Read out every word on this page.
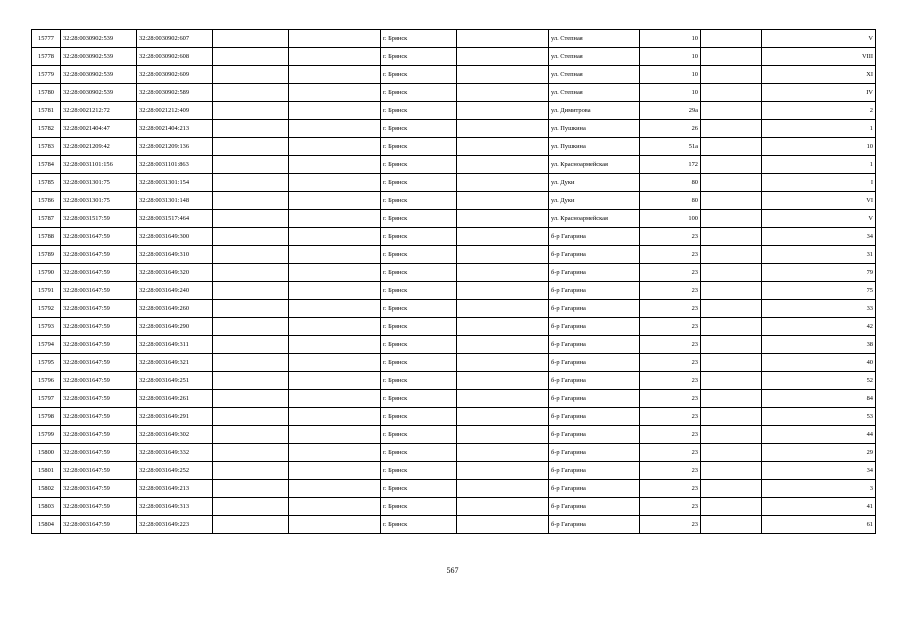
15777	32:28:0030902:539	32:28:0030902:607			г. Брянск		ул. Степная	10		V
15778	32:28:0030902:539	32:28:0030902:608			г. Брянск		ул. Степная	10		VIII
15779	32:28:0030902:539	32:28:0030902:609			г. Брянск		ул. Степная	10		XI
15780	32:28:0030902:539	32:28:0030902:589			г. Брянск		ул. Степная	10		IV
15781	32:28:0021212:72	32:28:0021212:409			г. Брянск		ул. Димитрова	29а		2
15782	32:28:0021404:47	32:28:0021404:213			г. Брянск		ул. Пушкина	26		1
15783	32:28:0021209:42	32:28:0021209:136			г. Брянск		ул. Пушкина	51а		10
15784	32:28:0031101:156	32:28:0031101:863			г. Брянск		ул. Красноармейская	172		1
15785	32:28:0031301:75	32:28:0031301:154			г. Брянск		ул. Дуки	80		I
15786	32:28:0031301:75	32:28:0031301:148			г. Брянск		ул. Дуки	80		VI
15787	32:28:0031517:59	32:28:0031517:464			г. Брянск		ул. Красноармейская	100		V
15788	32:28:0031647:59	32:28:0031649:300			г. Брянск		б-р Гагарина	23		34
15789	32:28:0031647:59	32:28:0031649:310			г. Брянск		б-р Гагарина	23		31
15790	32:28:0031647:59	32:28:0031649:320			г. Брянск		б-р Гагарина	23		79
15791	32:28:0031647:59	32:28:0031649:240			г. Брянск		б-р Гагарина	23		75
15792	32:28:0031647:59	32:28:0031649:260			г. Брянск		б-р Гагарина	23		33
15793	32:28:0031647:59	32:28:0031649:290			г. Брянск		б-р Гагарина	23		42
15794	32:28:0031647:59	32:28:0031649:311			г. Брянск		б-р Гагарина	23		38
15795	32:28:0031647:59	32:28:0031649:321			г. Брянск		б-р Гагарина	23		40
15796	32:28:0031647:59	32:28:0031649:251			г. Брянск		б-р Гагарина	23		52
15797	32:28:0031647:59	32:28:0031649:261			г. Брянск		б-р Гагарина	23		84
15798	32:28:0031647:59	32:28:0031649:291			г. Брянск		б-р Гагарина	23		53
15799	32:28:0031647:59	32:28:0031649:302			г. Брянск		б-р Гагарина	23		44
15800	32:28:0031647:59	32:28:0031649:332			г. Брянск		б-р Гагарина	23		29
15801	32:28:0031647:59	32:28:0031649:252			г. Брянск		б-р Гагарина	23		34
15802	32:28:0031647:59	32:28:0031649:213			г. Брянск		б-р Гагарина	23		3
15803	32:28:0031647:59	32:28:0031649:313			г. Брянск		б-р Гагарина	23		41
15804	32:28:0031647:59	32:28:0031649:223			г. Брянск		б-р Гагарина	23		61
567
